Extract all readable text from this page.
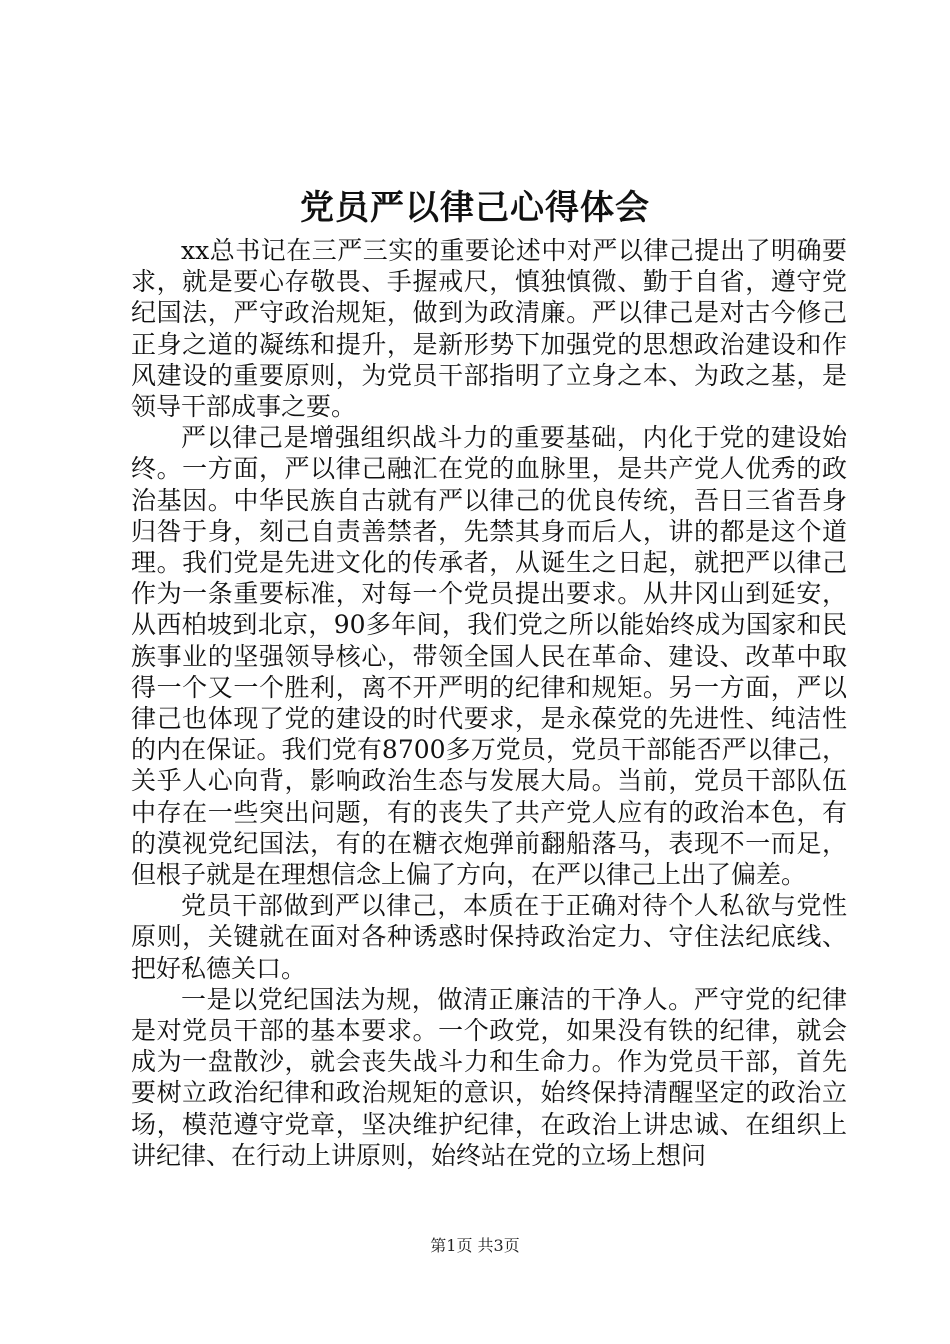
党员严以律己心得体会

xx总书记在三严三实的重要论述中对严以律己提出了明确要求，就是要心存敬畏、手握戒尺，慎独慎微、勤于自省，遵守党纪国法，严守政治规矩，做到为政清廉。严以律己是对古今修己正身之道的凝练和提升，是新形势下加强党的思想政治建设和作风建设的重要原则，为党员干部指明了立身之本、为政之基，是领导干部成事之要。

严以律己是增强组织战斗力的重要基础，内化于党的建设始终。一方面，严以律己融汇在党的血脉里，是共产党人优秀的政治基因。中华民族自古就有严以律己的优良传统，吾日三省吾身归咎于身，刻己自责善禁者，先禁其身而后人，讲的都是这个道理。我们党是先进文化的传承者，从诞生之日起，就把严以律己作为一条重要标准，对每一个党员提出要求。从井冈山到延安，从西柏坡到北京，90多年间，我们党之所以能始终成为国家和民族事业的坚强领导核心，带领全国人民在革命、建设、改革中取得一个又一个胜利，离不开严明的纪律和规矩。另一方面，严以律己也体现了党的建设的时代要求，是永葆党的先进性、纯洁性的内在保证。我们党有8700多万党员，党员干部能否严以律己，关乎人心向背，影响政治生态与发展大局。当前，党员干部队伍中存在一些突出问题，有的丧失了共产党人应有的政治本色，有的漠视党纪国法，有的在糖衣炮弹前翻船落马，表现不一而足，但根子就是在理想信念上偏了方向，在严以律己上出了偏差。

党员干部做到严以律己，本质在于正确对待个人私欲与党性原则，关键就在面对各种诱惑时保持政治定力、守住法纪底线、把好私德关口。

一是以党纪国法为规，做清正廉洁的干净人。严守党的纪律是对党员干部的基本要求。一个政党，如果没有铁的纪律，就会成为一盘散沙，就会丧失战斗力和生命力。作为党员干部，首先要树立政治纪律和政治规矩的意识，始终保持清醒坚定的政治立场，模范遵守党章，坚决维护纪律，在政治上讲忠诚、在组织上讲纪律、在行动上讲原则，始终站在党的立场上想问

第1页 共3页
